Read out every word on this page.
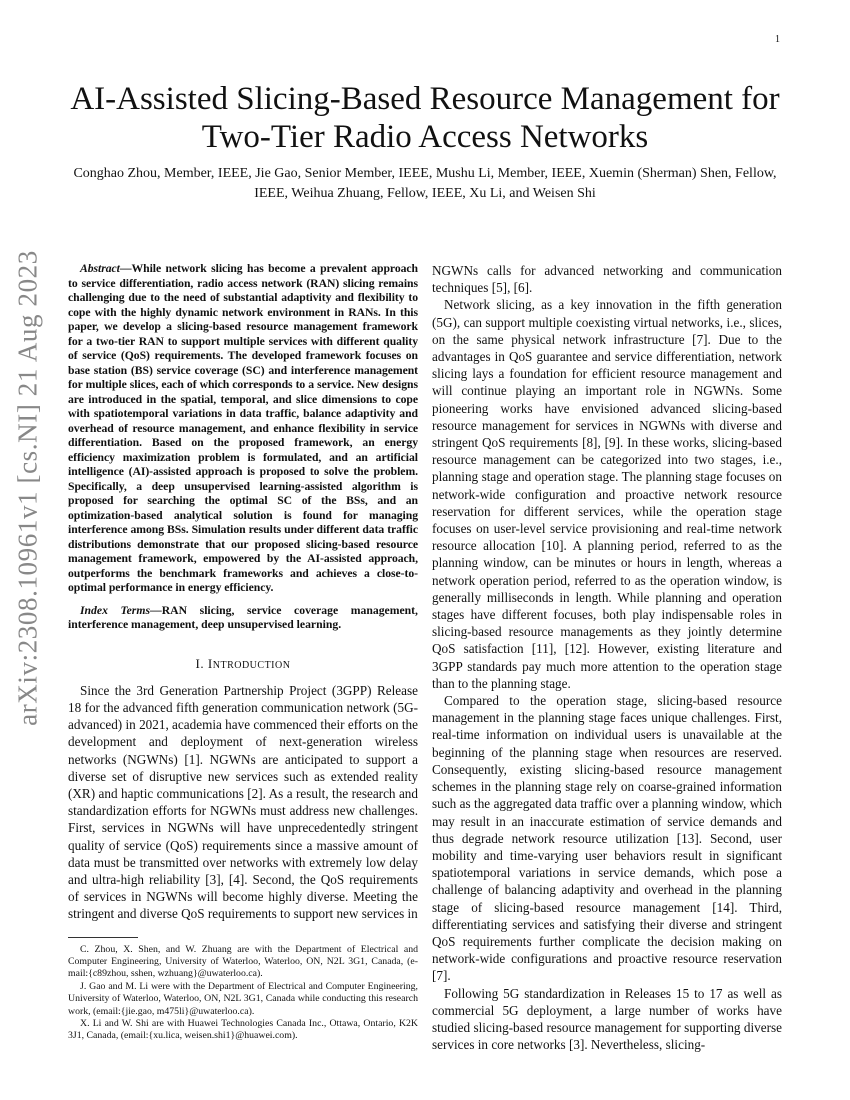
1
arXiv:2308.10961v1 [cs.NI] 21 Aug 2023
AI-Assisted Slicing-Based Resource Management for Two-Tier Radio Access Networks
Conghao Zhou, Member, IEEE, Jie Gao, Senior Member, IEEE, Mushu Li, Member, IEEE, Xuemin (Sherman) Shen, Fellow, IEEE, Weihua Zhuang, Fellow, IEEE, Xu Li, and Weisen Shi

Abstract—While network slicing has become a prevalent approach to service differentiation, radio access network (RAN) slicing remains challenging due to the need of substantial adaptivity and flexibility to cope with the highly dynamic network environment in RANs. In this paper, we develop a slicing-based resource management framework for a two-tier RAN to support multiple services with different quality of service (QoS) requirements. The developed framework focuses on base station (BS) service coverage (SC) and interference management for multiple slices, each of which corresponds to a service. New designs are introduced in the spatial, temporal, and slice dimensions to cope with spatiotemporal variations in data traffic, balance adaptivity and overhead of resource management, and enhance flexibility in service differentiation. Based on the proposed framework, an energy efficiency maximization problem is formulated, and an artificial intelligence (AI)-assisted approach is proposed to solve the problem. Specifically, a deep unsupervised learning-assisted algorithm is proposed for searching the optimal SC of the BSs, and an optimization-based analytical solution is found for managing interference among BSs. Simulation results under different data traffic distributions demonstrate that our proposed slicing-based resource management framework, empowered by the AI-assisted approach, outperforms the benchmark frameworks and achieves a close-to-optimal performance in energy efficiency.

Index Terms—RAN slicing, service coverage management, interference management, deep unsupervised learning.

I. INTRODUCTION

Since the 3rd Generation Partnership Project (3GPP) Release 18 for the advanced fifth generation communication network (5G-advanced) in 2021, academia have commenced their efforts on the development and deployment of next-generation wireless networks (NGWNs) [1]. NGWNs are anticipated to support a diverse set of disruptive new services such as extended reality (XR) and haptic communications [2]. As a result, the research and standardization efforts for NGWNs must address new challenges. First, services in NGWNs will have unprecedentedly stringent quality of service (QoS) requirements since a massive amount of data must be transmitted over networks with extremely low delay and ultra-high reliability [3], [4]. Second, the QoS requirements of services in NGWNs will become highly diverse. Meeting the stringent and diverse QoS requirements to support new services in

C. Zhou, X. Shen, and W. Zhuang are with the Department of Electrical and Computer Engineering, University of Waterloo, Waterloo, ON, N2L 3G1, Canada, (e-mail:{c89zhou, sshen, wzhuang}@uwaterloo.ca).

J. Gao and M. Li were with the Department of Electrical and Computer Engineering, University of Waterloo, Waterloo, ON, N2L 3G1, Canada while conducting this research work, (email:{jie.gao, m475li}@uwaterloo.ca).

X. Li and W. Shi are with Huawei Technologies Canada Inc., Ottawa, Ontario, K2K 3J1, Canada, (email:{xu.lica, weisen.shi1}@huawei.com).

NGWNs calls for advanced networking and communication techniques [5], [6].

Network slicing, as a key innovation in the fifth generation (5G), can support multiple coexisting virtual networks, i.e., slices, on the same physical network infrastructure [7]. Due to the advantages in QoS guarantee and service differentiation, network slicing lays a foundation for efficient resource management and will continue playing an important role in NGWNs. Some pioneering works have envisioned advanced slicing-based resource management for services in NGWNs with diverse and stringent QoS requirements [8], [9]. In these works, slicing-based resource management can be categorized into two stages, i.e., planning stage and operation stage. The planning stage focuses on network-wide configuration and proactive network resource reservation for different services, while the operation stage focuses on user-level service provisioning and real-time network resource allocation [10]. A planning period, referred to as the planning window, can be minutes or hours in length, whereas a network operation period, referred to as the operation window, is generally milliseconds in length. While planning and operation stages have different focuses, both play indispensable roles in slicing-based resource managements as they jointly determine QoS satisfaction [11], [12]. However, existing literature and 3GPP standards pay much more attention to the operation stage than to the planning stage.

Compared to the operation stage, slicing-based resource management in the planning stage faces unique challenges. First, real-time information on individual users is unavailable at the beginning of the planning stage when resources are reserved. Consequently, existing slicing-based resource management schemes in the planning stage rely on coarse-grained information such as the aggregated data traffic over a planning window, which may result in an inaccurate estimation of service demands and thus degrade network resource utilization [13]. Second, user mobility and time-varying user behaviors result in significant spatiotemporal variations in service demands, which pose a challenge of balancing adaptivity and overhead in the planning stage of slicing-based resource management [14]. Third, differentiating services and satisfying their diverse and stringent QoS requirements further complicate the decision making on network-wide configurations and proactive resource reservation [7].

Following 5G standardization in Releases 15 to 17 as well as commercial 5G deployment, a large number of works have studied slicing-based resource management for supporting diverse services in core networks [3]. Nevertheless, slicing-
